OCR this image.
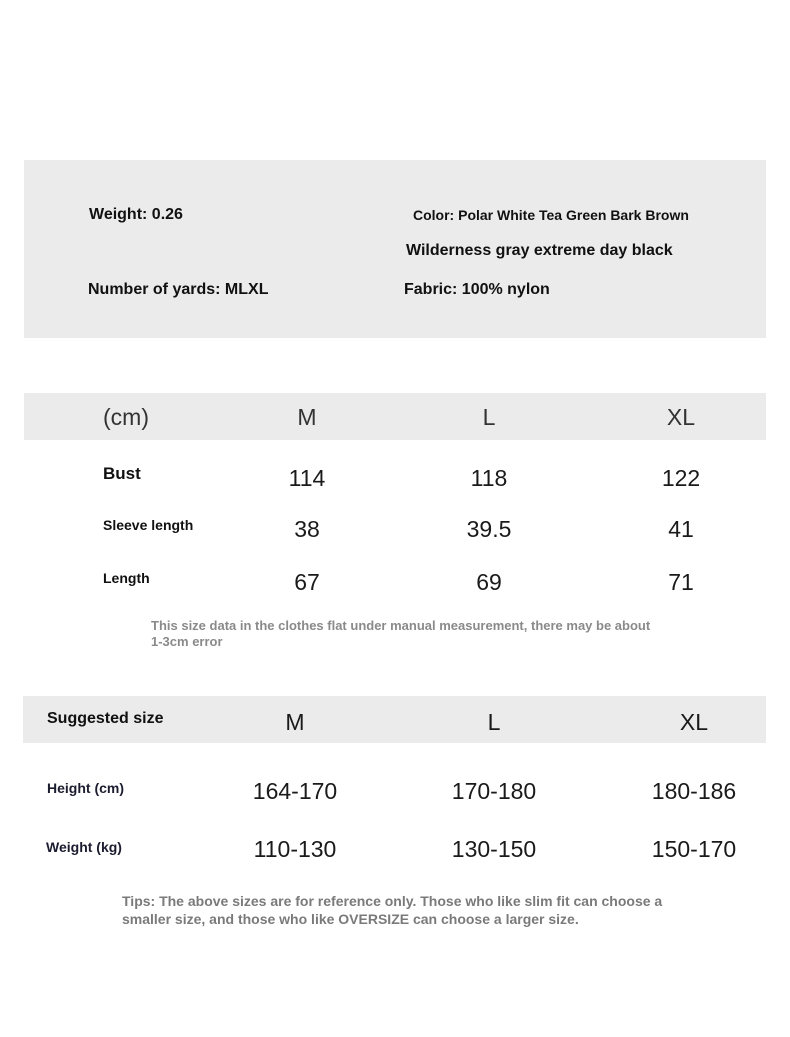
Weight: 0.26	Color: Polar White Tea Green Bark Brown
Wilderness gray extreme day black
Number of yards: MLXL	Fabric: 100% nylon
(cm)	M	L	XL
Bust	114	118	122
Sleeve length	38	39.5	41
Length	67	69	71
This size data in the clothes flat under manual measurement, there may be about 1-3cm error
Suggested size	M	L	XL
Height (cm)	164-170	170-180	180-186
Weight (kg)	110-130	130-150	150-170
Tips: The above sizes are for reference only. Those who like slim fit can choose a smaller size, and those who like OVERSIZE can choose a larger size.
